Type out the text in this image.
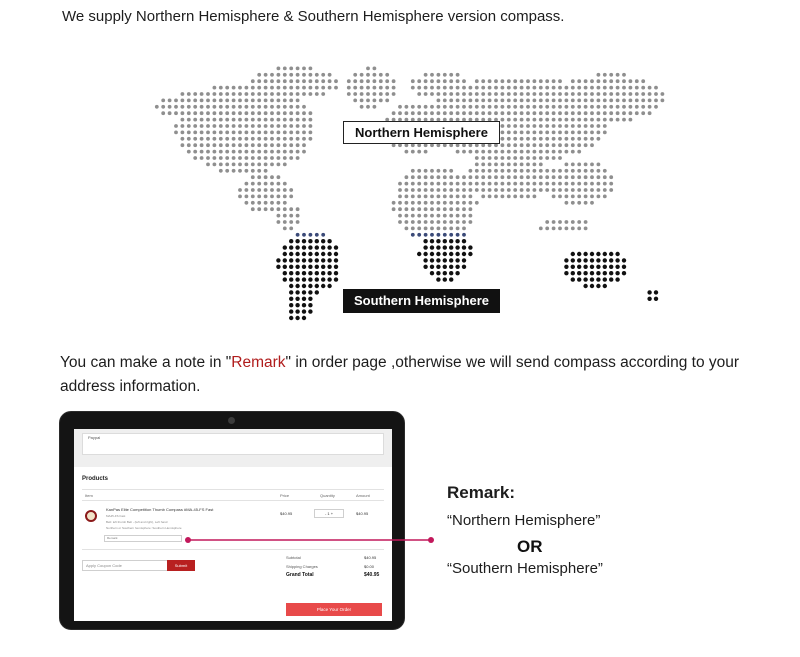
We supply Northern Hemisphere & Southern Hemisphere version compass.
Northern Hemisphere
Southern Hemisphere
You can make a note in "Remark" in order page ,otherwise we will send compass according to your address information.
Paypal
Products
Item	Price	Quantity	Amount
KanPas Elite Competition Thumb Compass #MA-45-FS Fast
MA45-FS Fast
Belt: left thumb Belt - (left and right), Left hand
Northern or Southern hemisphere: Southern Hemisphere
Remark
$40.95	- 1 +	$40.95
Apply Coupon Code	Submit
Subtotal	$40.95
Shipping Charges	$0.00
Grand Total	$40.95
Place Your Order
Remark:
“Northern Hemisphere”
OR
“Southern Hemisphere”
